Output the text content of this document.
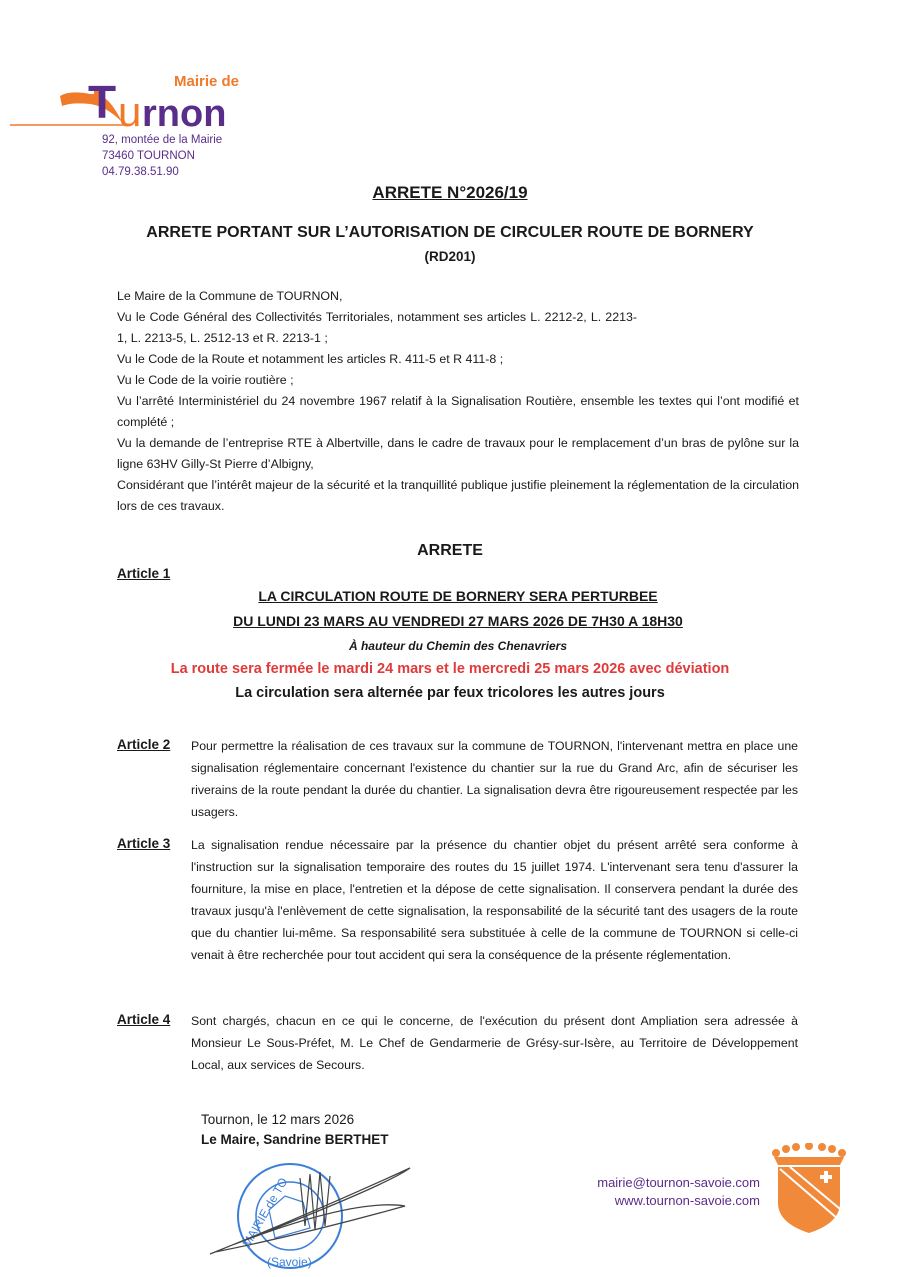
T u rnon
Mairie de
92, montée de la Mairie
73460 TOURNON
04.79.38.51.90
ARRETE N°2026/19
ARRETE PORTANT SUR L’AUTORISATION DE CIRCULER ROUTE DE BORNERY
(RD201)
Le Maire de la Commune de TOURNON,
Vu le Code Général des Collectivités Territoriales, notamment ses articles L. 2212-2, L. 2213-1, L. 2213-5, L. 2512-13 et R. 2213-1 ;
Vu le Code de la Route et notamment les articles R. 411-5 et R 411-8 ;
Vu le Code de la voirie routière ;
Vu l’arrêté Interministériel du 24 novembre 1967 relatif à la Signalisation Routière, ensemble les textes qui l’ont modifié et complété ;
Vu la demande de l’entreprise RTE à Albertville, dans le cadre de travaux pour le remplacement d’un bras de pylône sur la ligne 63HV Gilly-St Pierre d’Albigny,
Considérant que l’intérêt majeur de la sécurité et la tranquillité publique justifie pleinement la réglementation de la circulation lors de ces travaux.
ARRETE
Article 1
LA CIRCULATION ROUTE DE BORNERY SERA PERTURBEE
DU LUNDI 23 MARS AU VENDREDI 27 MARS 2026 DE 7H30 A 18H30
À hauteur du Chemin des Chenavriers
La route sera fermée le mardi 24 mars et le mercredi 25 mars 2026 avec déviation
La circulation sera alternée par feux tricolores les autres jours
Article 2 Pour permettre la réalisation de ces travaux sur la commune de TOURNON, l'intervenant mettra en place une signalisation réglementaire concernant l'existence du chantier sur la rue du Grand Arc, afin de sécuriser les riverains de la route pendant la durée du chantier. La signalisation devra être rigoureusement respectée par les usagers.
Article 3 La signalisation rendue nécessaire par la présence du chantier objet du présent arrêté sera conforme à l'instruction sur la signalisation temporaire des routes du 15 juillet 1974. L'intervenant sera tenu d'assurer la fourniture, la mise en place, l'entretien et la dépose de cette signalisation. Il conservera pendant la durée des travaux jusqu'à l'enlèvement de cette signalisation, la responsabilité de la sécurité tant des usagers de la route que du chantier lui-même. Sa responsabilité sera substituée à celle de la commune de TOURNON si celle-ci venait à être recherchée pour tout accident qui sera la conséquence de la présente réglementation.
Article 4 Sont chargés, chacun en ce qui le concerne, de l'exécution du présent dont Ampliation sera adressée à Monsieur Le Sous-Préfet, M. Le Chef de Gendarmerie de Grésy-sur-Isère, au Territoire de Développement Local, aux services de Secours.
Tournon, le 12 mars 2026
Le Maire, Sandrine BERTHET
MAIRIE de TO
(Savoie)
mairie@tournon-savoie.com
www.tournon-savoie.com
